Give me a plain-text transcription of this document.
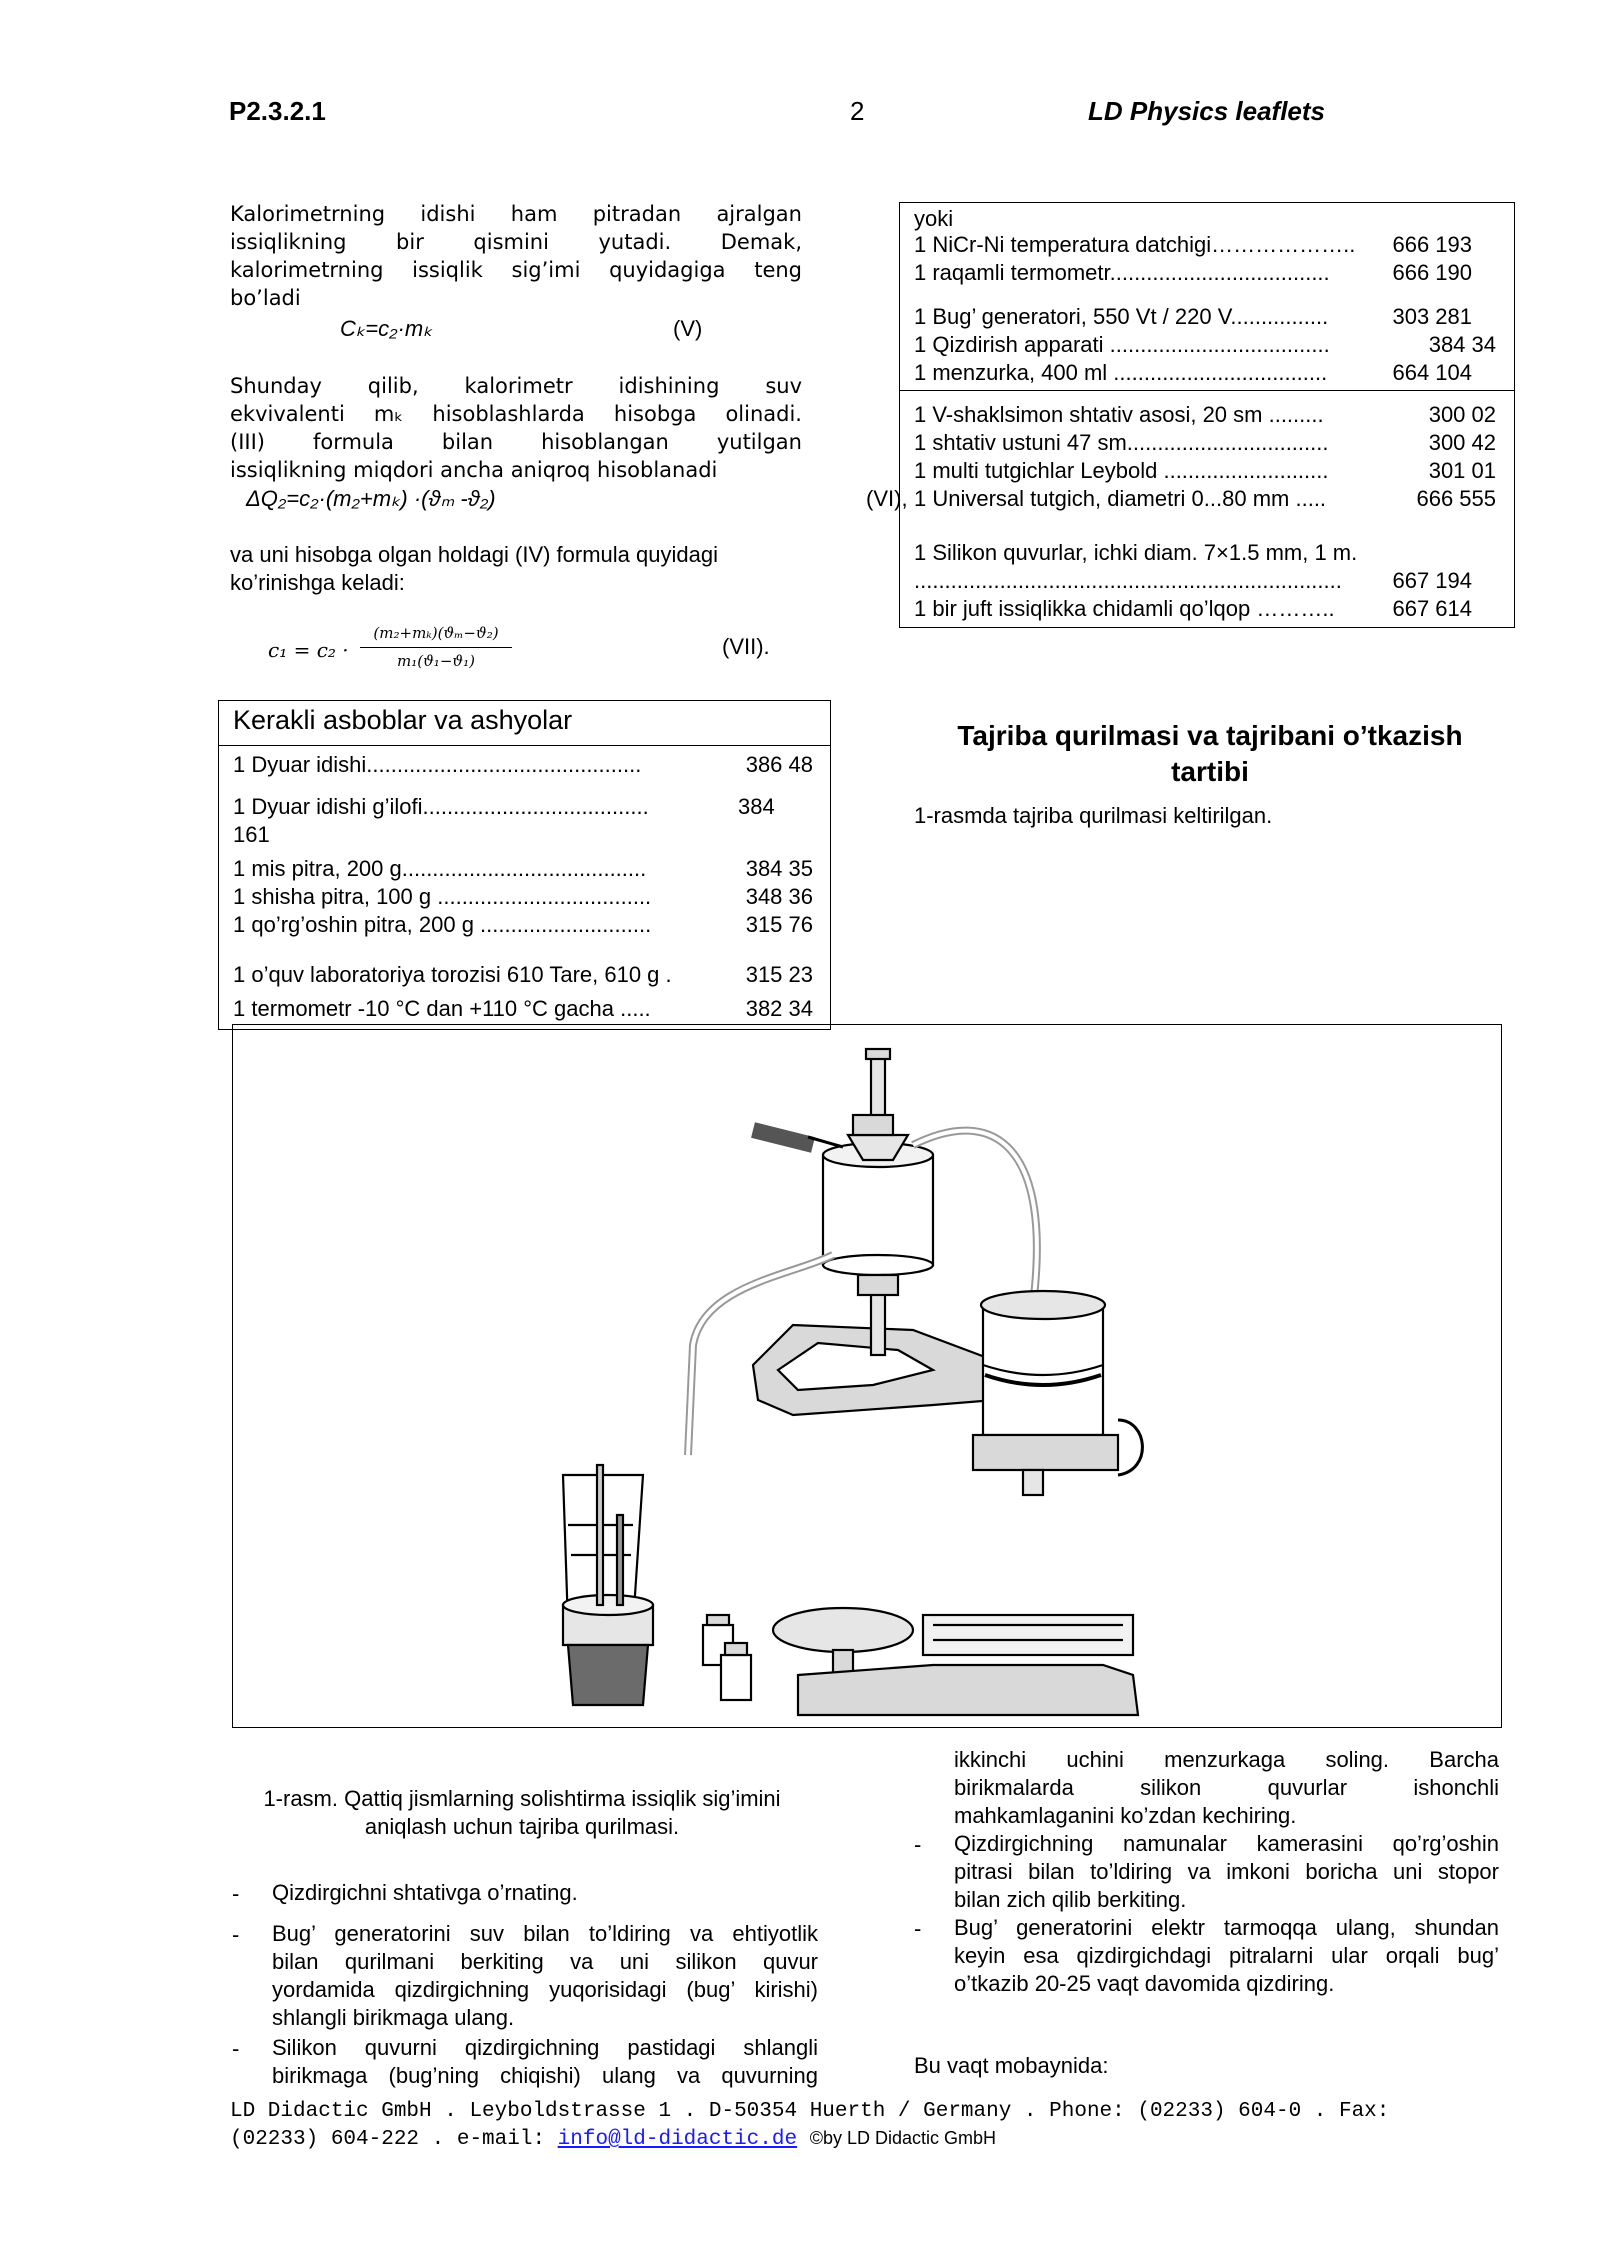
P2.3.2.1	2	LD Physics leaflets
Kalorimetrning idishi ham pitradan ajralgan
issiqlikning bir qismini yutadi. Demak,
kalorimetrning issiqlik sig’imi quyidagiga teng
bo’ladi
Cₖ=c₂·mₖ	(V)
Shunday qilib, kalorimetr idishining suv
ekvivalenti mₖ hisoblashlarda hisobga olinadi.
(III) formula bilan hisoblangan yutilgan
issiqlikning miqdori ancha aniqroq hisoblanadi
ΔQ₂=c₂·(m₂+mₖ) ·(ϑₘ -ϑ₂)	(VI),
va uni hisobga olgan holdagi (IV) formula quyidagi
ko’rinishga keladi:
c₁ = c₂ ·
(m₂+mₖ)(ϑₘ−ϑ₂)
m₁(ϑ₁−ϑ₁)
(VII).
Kerakli asboblar va ashyolar
1 Dyuar idishi.............................................	386 48
1 Dyuar idishi g’ilofi.....................................	384
161
1 mis pitra, 200 g........................................	384 35
1 shisha pitra, 100 g ...................................	348 36
1 qo’rg’oshin pitra, 200 g ............................	315 76
1 o’quv laboratoriya torozisi 610 Tare, 610 g .	315 23
1 termometr -10 °C dan +110 °C gacha .....	382 34
yoki
1 NiCr-Ni temperatura datchigi………………..	666 193
1 raqamli termometr....................................	666 190
1 Bug’ generatori, 550 Vt / 220 V................	303 281
1 Qizdirish apparati ....................................	384 34
1 menzurka, 400 ml ...................................	664 104
1 V-shaklsimon shtativ asosi, 20 sm .........	300 02
1 shtativ ustuni 47 sm.................................	300 42
1 multi tutgichlar Leybold ...........................	301 01
1 Universal tutgich, diametri 0...80 mm .....	666 555
1 Silikon quvurlar, ichki diam. 7×1.5 mm, 1 m.
......................................................................	667 194
1 bir juft issiqlikka chidamli qo’lqop ………..	667 614
Tajriba qurilmasi va tajribani o’tkazish
tartibi
1-rasmda tajriba qurilmasi keltirilgan.
1-rasm. Qattiq jismlarning solishtirma issiqlik sig’imini
aniqlash uchun tajriba qurilmasi.
- Qizdirgichni shtativga o’rnating.
- Bug’ generatorini suv bilan to’ldiring va ehtiyotlik
bilan qurilmani berkiting va uni silikon quvur
yordamida qizdirgichning yuqorisidagi (bug’ kirishi)
shlangli birikmaga ulang.
- Silikon quvurni qizdirgichning pastidagi shlangli
birikmaga (bug’ning chiqishi) ulang va quvurning
ikkinchi uchini menzurkaga soling. Barcha
birikmalarda silikon quvurlar ishonchli
mahkamlaganini ko’zdan kechiring.
- Qizdirgichning namunalar kamerasini qo’rg’oshin
pitrasi bilan to’ldiring va imkoni boricha uni stopor
bilan zich qilib berkiting.
- Bug’ generatorini elektr tarmoqqa ulang, shundan
keyin esa qizdirgichdagi pitralarni ular orqali bug’
o’tkazib 20-25 vaqt davomida qizdiring.
Bu vaqt mobaynida:
LD Didactic GmbH . Leyboldstrasse 1 . D-50354 Huerth / Germany . Phone: (02233) 604-0 . Fax:
(02233) 604-222 . e-mail: info@ld-didactic.de ©by LD Didactic GmbH
